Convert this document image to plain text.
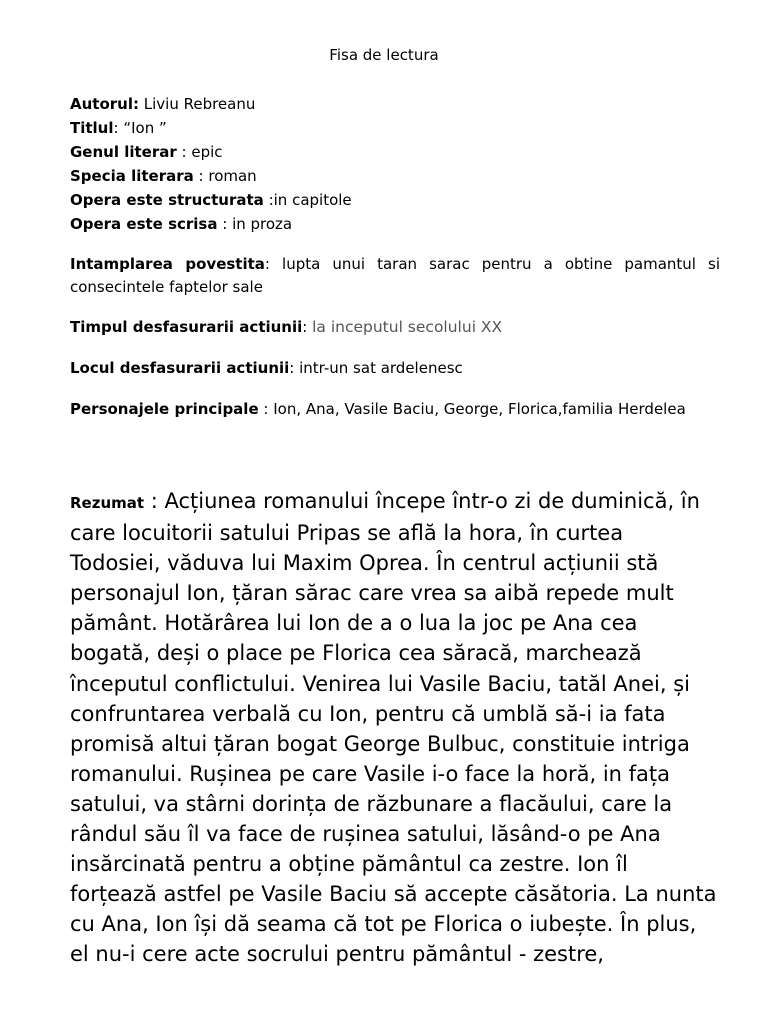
Fisa de lectura
Autorul: Liviu Rebreanu
Titlul: “Ion ”
Genul literar : epic
Specia literara : roman
Opera este structurata :in capitole
Opera este scrisa : in proza
Intamplarea povestita: lupta unui taran sarac pentru a obtine pamantul si consecintele faptelor sale
Timpul desfasurarii actiunii: la inceputul secolului XX
Locul desfasurarii actiunii: intr-un sat ardelenesc
Personajele principale : Ion, Ana, Vasile Baciu, George, Florica,familia Herdelea
Rezumat : Acțiunea romanului începe într-o zi de duminică, în care locuitorii satului Pripas se află la hora, în curtea Todosiei, văduva lui Maxim Oprea. În centrul acțiunii stă personajul Ion, țăran sărac care vrea sa aibă repede mult pământ. Hotărârea lui Ion de a o lua la joc pe Ana cea bogată, deși o place pe Florica cea săracă, marchează începutul conflictului. Venirea lui Vasile Baciu, tatăl Anei, și confruntarea verbală cu Ion, pentru că umblă să-i ia fata promisă altui țăran bogat George Bulbuc, constituie intriga romanului. Rușinea pe care Vasile i-o face la horă, in fața satului, va stârni dorința de răzbunare a flacăului, care la rândul său îl va face de rușinea satului, lăsând-o pe Ana insărcinată pentru a obține pământul ca zestre. Ion îl forțează astfel pe Vasile Baciu să accepte căsătoria. La nunta cu Ana, Ion își dă seama că tot pe Florica o iubește. În plus, el nu-i cere acte socrului pentru pământul - zestre,
